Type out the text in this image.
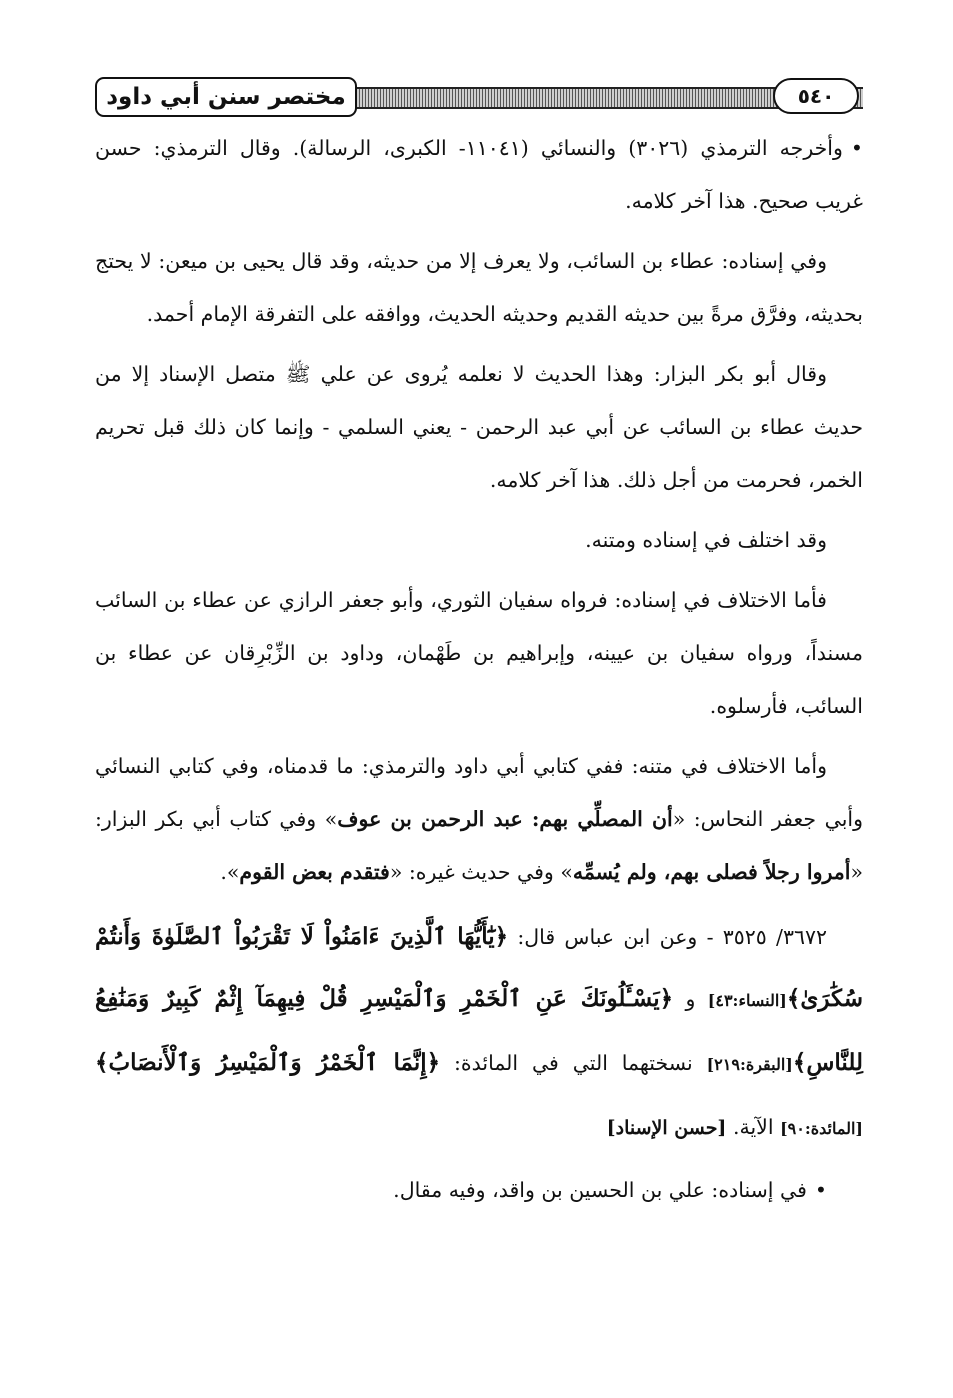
مختصر سنن أبي داود	٥٤٠

•وأخرجه الترمذي (٣٠٢٦) والنسائي (١١٠٤١- الكبرى، الرسالة). وقال الترمذي: حسن غريب صحيح. هذا آخر كلامه.

وفي إسناده: عطاء بن السائب، ولا يعرف إلا من حديثه، وقد قال يحيى بن ميعن: لا يحتج بحديثه، وفرَّق مرةً بين حديثه القديم وحديثه الحديث، ووافقه على التفرقة الإمام أحمد.

وقال أبو بكر البزار: وهذا الحديث لا نعلمه يُروى عن علي ﷺ متصل الإسناد إلا من حديث عطاء بن السائب عن أبي عبد الرحمن - يعني السلمي - وإنما كان ذلك قبل تحريم الخمر، فحرمت من أجل ذلك. هذا آخر كلامه.

وقد اختلف في إسناده ومتنه.

فأما الاختلاف في إسناده: فرواه سفيان الثوري، وأبو جعفر الرازي عن عطاء بن السائب مسنداً، ورواه سفيان بن عيينه، وإبراهيم بن طَهْمان، وداود بن الزِّبْرِقان عن عطاء بن السائب، فأرسلوه.

وأما الاختلاف في متنه: ففي كتابي أبي داود والترمذي: ما قدمناه، وفي كتابي النسائي وأبي جعفر النحاس: «أن المصلِّي بهم: عبد الرحمن بن عوف» وفي كتاب أبي بكر البزار: «أمروا رجلاً فصلى بهم، ولم يُسمِّه» وفي حديث غيره: «فتقدم بعض القوم».

٣٦٧٢/ ٣٥٢٥ - وعن ابن عباس قال: ﴿يَٰٓأَيُّهَا ٱلَّذِينَ ءَامَنُواْ لَا تَقْرَبُواْ ٱلصَّلَوٰةَ وَأَنتُمْ سُكَٰرَىٰ﴾[النساء:٤٣] و ﴿يَسْـَٔلُونَكَ عَنِ ٱلْخَمْرِ وَٱلْمَيْسِرِ قُلْ فِيهِمَآ إِثْمٌ كَبِيرٌ وَمَنَٰفِعُ لِلنَّاسِ﴾[البقرة:٢١٩] نسختهما التي في المائدة: ﴿إِنَّمَا ٱلْخَمْرُ وَٱلْمَيْسِرُ وَٱلْأَنصَابُ﴾[المائدة:٩٠] الآية. [حسن الإسناد]

•في إسناده: علي بن الحسين بن واقد، وفيه مقال.
